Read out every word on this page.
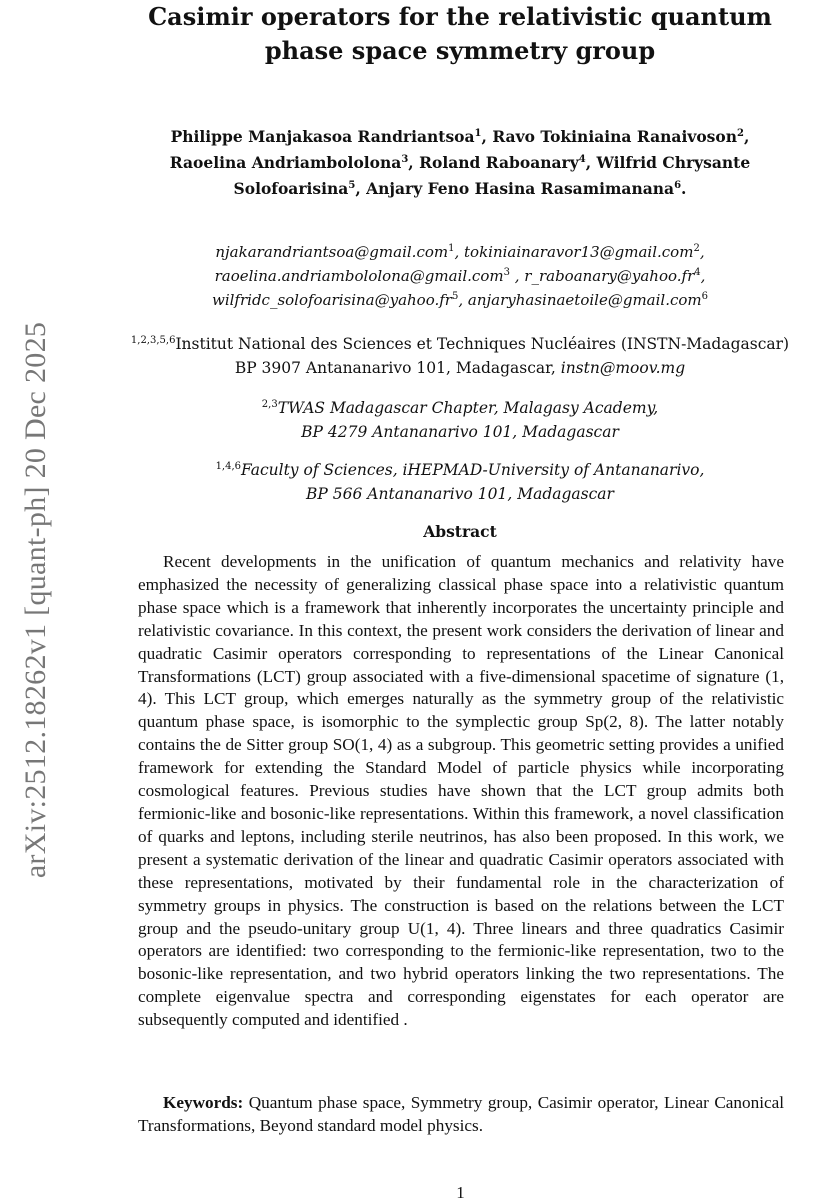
arXiv:2512.18262v1 [quant-ph] 20 Dec 2025
Casimir operators for the relativistic quantum
phase space symmetry group
Philippe Manjakasoa Randriantsoa$^1$, Ravo Tokiniaina Ranaivoson$^2$,
Raoelina Andriambololona$^3$, Roland Raboanary$^4$, Wilfrid Chrysante Solofoarisina$^5$, Anjary Feno Hasina Rasamimanana$^6$.
njakarandriantsoa@gmail.com$^1$, tokiniainaravor13@gmail.com$^2$,
raoelina.andriambololona@gmail.com$^3$ , $r\_raboanary@yahoo.fr^4$,
$wilfridc\_solofoarisina@yahoo.fr^5$, anjaryhasinaetoile@gmail.com$^6$
$^{1,2,3,5,6}$Institut National des Sciences et Techniques Nucléaires (INSTN-Madagascar)
BP 3907 Antananarivo 101, Madagascar, instn@moov.mg
$^{2,3}$TWAS Madagascar Chapter, Malagasy Academy,
BP 4279 Antananarivo 101, Madagascar
$^{1,4,6}$Faculty of Sciences, iHEPMAD-University of Antananarivo,
BP 566 Antananarivo 101, Madagascar
Abstract

Recent developments in the unification of quantum mechanics and relativity have emphasized the necessity of generalizing classical phase space into a relativistic quantum phase space which is a framework that inherently incorporates the uncertainty principle and relativistic covariance. In this context, the present work considers the derivation of linear and quadratic Casimir operators corresponding to representations of the Linear Canonical Transformations (LCT) group associated with a five-dimensional spacetime of signature (1, 4). This LCT group, which emerges naturally as the symmetry group of the relativistic quantum phase space, is isomorphic to the symplectic group Sp(2, 8). The latter notably contains the de Sitter group SO(1, 4) as a subgroup. This geometric setting provides a unified framework for extending the Standard Model of particle physics while incorporating cosmological features. Previous studies have shown that the LCT group admits both fermionic-like and bosonic-like representations. Within this framework, a novel classification of quarks and leptons, including sterile neutrinos, has also been proposed. In this work, we present a systematic derivation of the linear and quadratic Casimir operators associated with these representations, motivated by their fundamental role in the characterization of symmetry groups in physics. The construction is based on the relations between the LCT group and the pseudo-unitary group U(1, 4). Three linears and three quadratics Casimir operators are identified: two corresponding to the fermionic-like representation, two to the bosonic-like representation, and two hybrid operators linking the two representations. The complete eigenvalue spectra and corresponding eigenstates for each operator are subsequently computed and identified .

Keywords: Quantum phase space, Symmetry group, Casimir operator, Linear Canonical Transformations, Beyond standard model physics.

1
